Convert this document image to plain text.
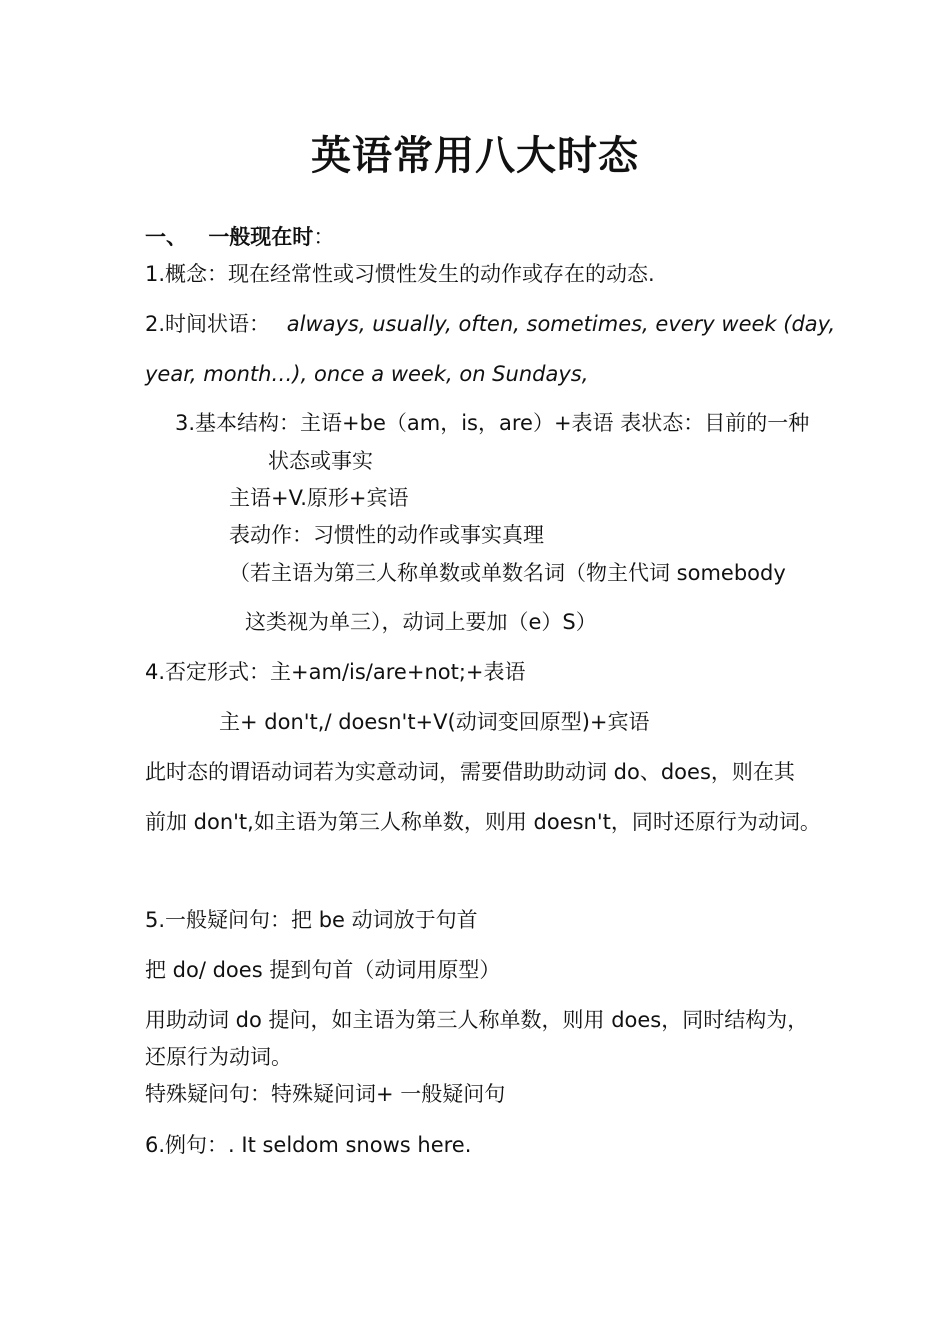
英语常用八大时态
一、 一般现在时：
1.概念：现在经常性或习惯性发生的动作或存在的动态.
2.时间状语： always, usually, often, sometimes, every week (day,
year, month…), once a week, on Sundays,
3.基本结构：主语+be（am，is，are）+表语 表状态：目前的一种
状态或事实
主语+V.原形+宾语
表动作：习惯性的动作或事实真理
（若主语为第三人称单数或单数名词（物主代词 somebody
这类视为单三），动词上要加（e）S）
4.否定形式：主+am/is/are+not;+表语
主+ don't,/ doesn't+V(动词变回原型)+宾语
此时态的谓语动词若为实意动词，需要借助助动词 do、does，则在其
前加 don't,如主语为第三人称单数，则用 doesn't，同时还原行为动词。
5.一般疑问句：把 be 动词放于句首
把 do/ does 提到句首（动词用原型）
用助动词 do 提问，如主语为第三人称单数，则用 does，同时结构为，
还原行为动词。
特殊疑问句：特殊疑问词+ 一般疑问句
6.例句：. It seldom snows here.
